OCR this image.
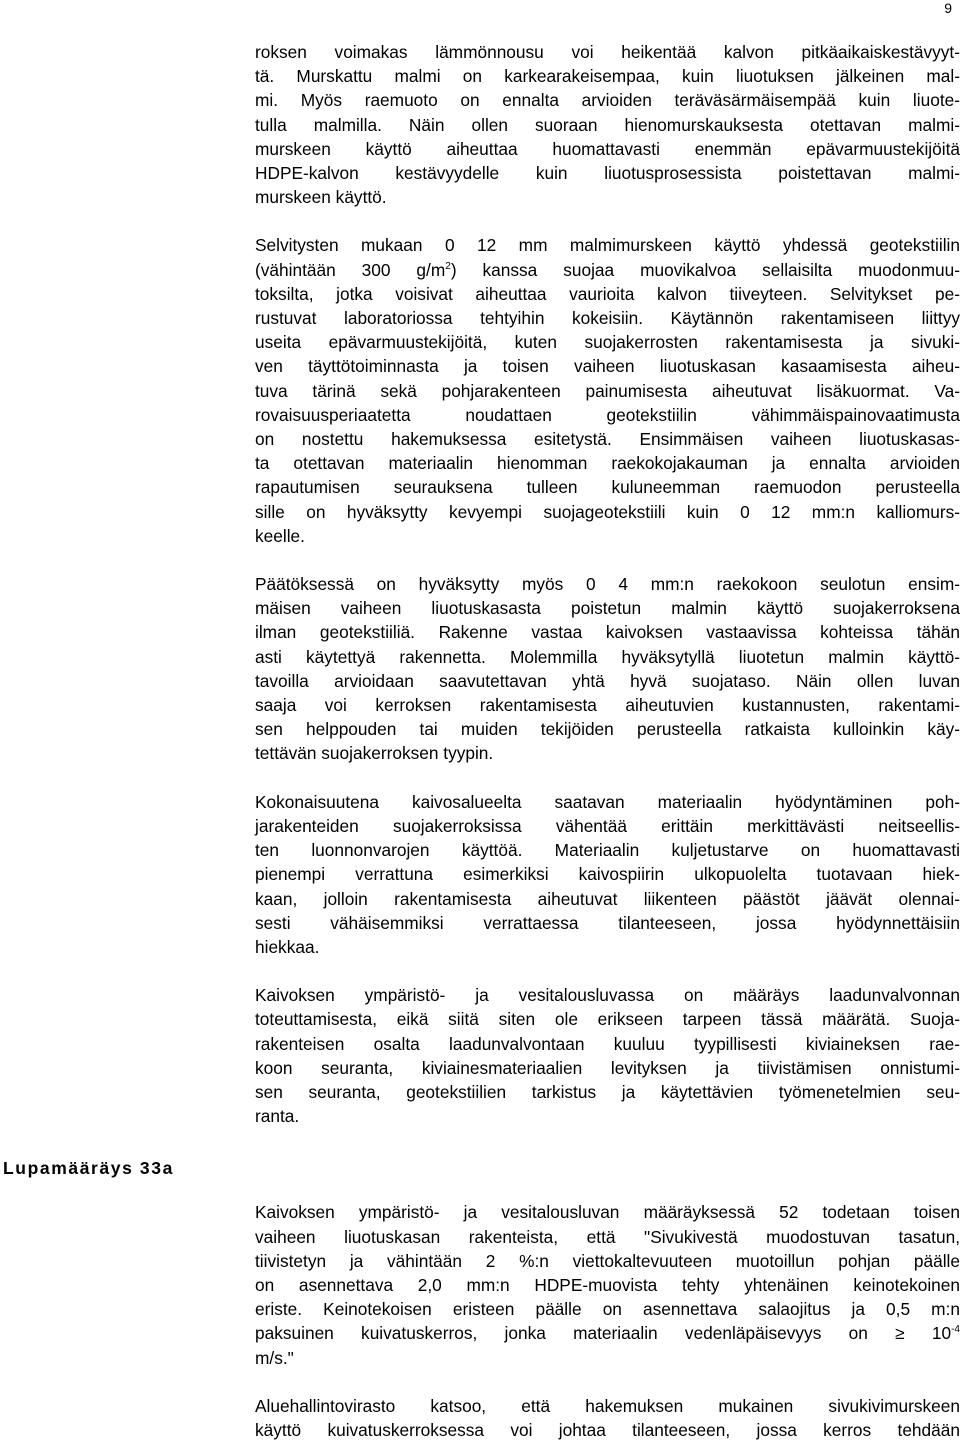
9
Lupamääräys 33a

roksen voimakas lämmönnousu voi heikentää kalvon pitkäaikaiskestävyyt-
tä. Murskattu malmi on karkearakeisempaa, kuin liuotuksen jälkeinen mal-
mi. Myös raemuoto on ennalta arvioiden teräväsärmäisempää kuin liuote-
tulla malmilla. Näin ollen suoraan hienomurskauksesta otettavan malmi-
murskeen käyttö aiheuttaa huomattavasti enemmän epävarmuustekijöitä
HDPE-kalvon kestävyydelle kuin liuotusprosessista poistettavan malmi-
murskeen käyttö.

Selvitysten mukaan 0 12 mm malmimurskeen käyttö yhdessä geotekstiilin
(vähintään 300 $g/m^2$) kanssa suojaa muovikalvoa sellaisilta muodonmuu-
toksilta, jotka voisivat aiheuttaa vaurioita kalvon tiiveyteen. Selvitykset pe-
rustuvat laboratoriossa tehtyihin kokeisiin. Käytännön rakentamiseen liittyy
useita epävarmuustekijöitä, kuten suojakerrosten rakentamisesta ja sivuki-
ven täyttötoiminnasta ja toisen vaiheen liuotuskasan kasaamisesta aiheu-
tuva tärinä sekä pohjarakenteen painumisesta aiheutuvat lisäkuormat. Va-
rovaisuusperiaatetta noudattaen geotekstiilin vähimmäispainovaatimusta
on nostettu hakemuksessa esitetystä. Ensimmäisen vaiheen liuotuskasas-
ta otettavan materiaalin hienomman raekokojakauman ja ennalta arvioiden
rapautumisen seurauksena tulleen kuluneemman raemuodon perusteella
sille on hyväksytty kevyempi suojageotekstiili kuin 0 12 mm:n kalliomurs-
keelle.

Päätöksessä on hyväksytty myös 0 4 mm:n raekokoon seulotun ensim-
mäisen vaiheen liuotuskasasta poistetun malmin käyttö suojakerroksena
ilman geotekstiiliä. Rakenne vastaa kaivoksen vastaavissa kohteissa tähän
asti käytettyä rakennetta. Molemmilla hyväksytyllä liuotetun malmin käyttö-
tavoilla arvioidaan saavutettavan yhtä hyvä suojataso. Näin ollen luvan
saaja voi kerroksen rakentamisesta aiheutuvien kustannusten, rakentami-
sen helppouden tai muiden tekijöiden perusteella ratkaista kulloinkin käy-
tettävän suojakerroksen tyypin.

Kokonaisuutena kaivosalueelta saatavan materiaalin hyödyntäminen poh-
jarakenteiden suojakerroksissa vähentää erittäin merkittävästi neitseellis-
ten luonnonvarojen käyttöä. Materiaalin kuljetustarve on huomattavasti
pienempi verrattuna esimerkiksi kaivospiirin ulkopuolelta tuotavaan hiek-
kaan, jolloin rakentamisesta aiheutuvat liikenteen päästöt jäävät olennai-
sesti vähäisemmiksi verrattaessa tilanteeseen, jossa hyödynnettäisiin
hiekkaa.

Kaivoksen ympäristö- ja vesitalousluvassa on määräys laadunvalvonnan
toteuttamisesta, eikä siitä siten ole erikseen tarpeen tässä määrätä. Suoja-
rakenteisen osalta laadunvalvontaan kuuluu tyypillisesti kiviaineksen rae-
koon seuranta, kiviainesmateriaalien levityksen ja tiivistämisen onnistumi-
sen seuranta, geotekstiilien tarkistus ja käytettävien työmenetelmien seu-
ranta.

Kaivoksen ympäristö- ja vesitalousluvan määräyksessä 52 todetaan toisen
vaiheen liuotuskasan rakenteista, että "Sivukivestä muodostuvan tasatun,
tiivistetyn ja vähintään 2 %:n viettokaltevuuteen muotoillun pohjan päälle
on asennettava 2,0 mm:n HDPE-muovista tehty yhtenäinen keinotekoinen
eriste. Keinotekoisen eristeen päälle on asennettava salaojitus ja 0,5 m:n
paksuinen kuivatuskerros, jonka materiaalin vedenläpäisevyys on ≥ $10^{-4}$
m/s."

Aluehallintovirasto katsoo, että hakemuksen mukainen sivukivimurskeen
käyttö kuivatuskerroksessa voi johtaa tilanteeseen, jossa kerros tehdään
